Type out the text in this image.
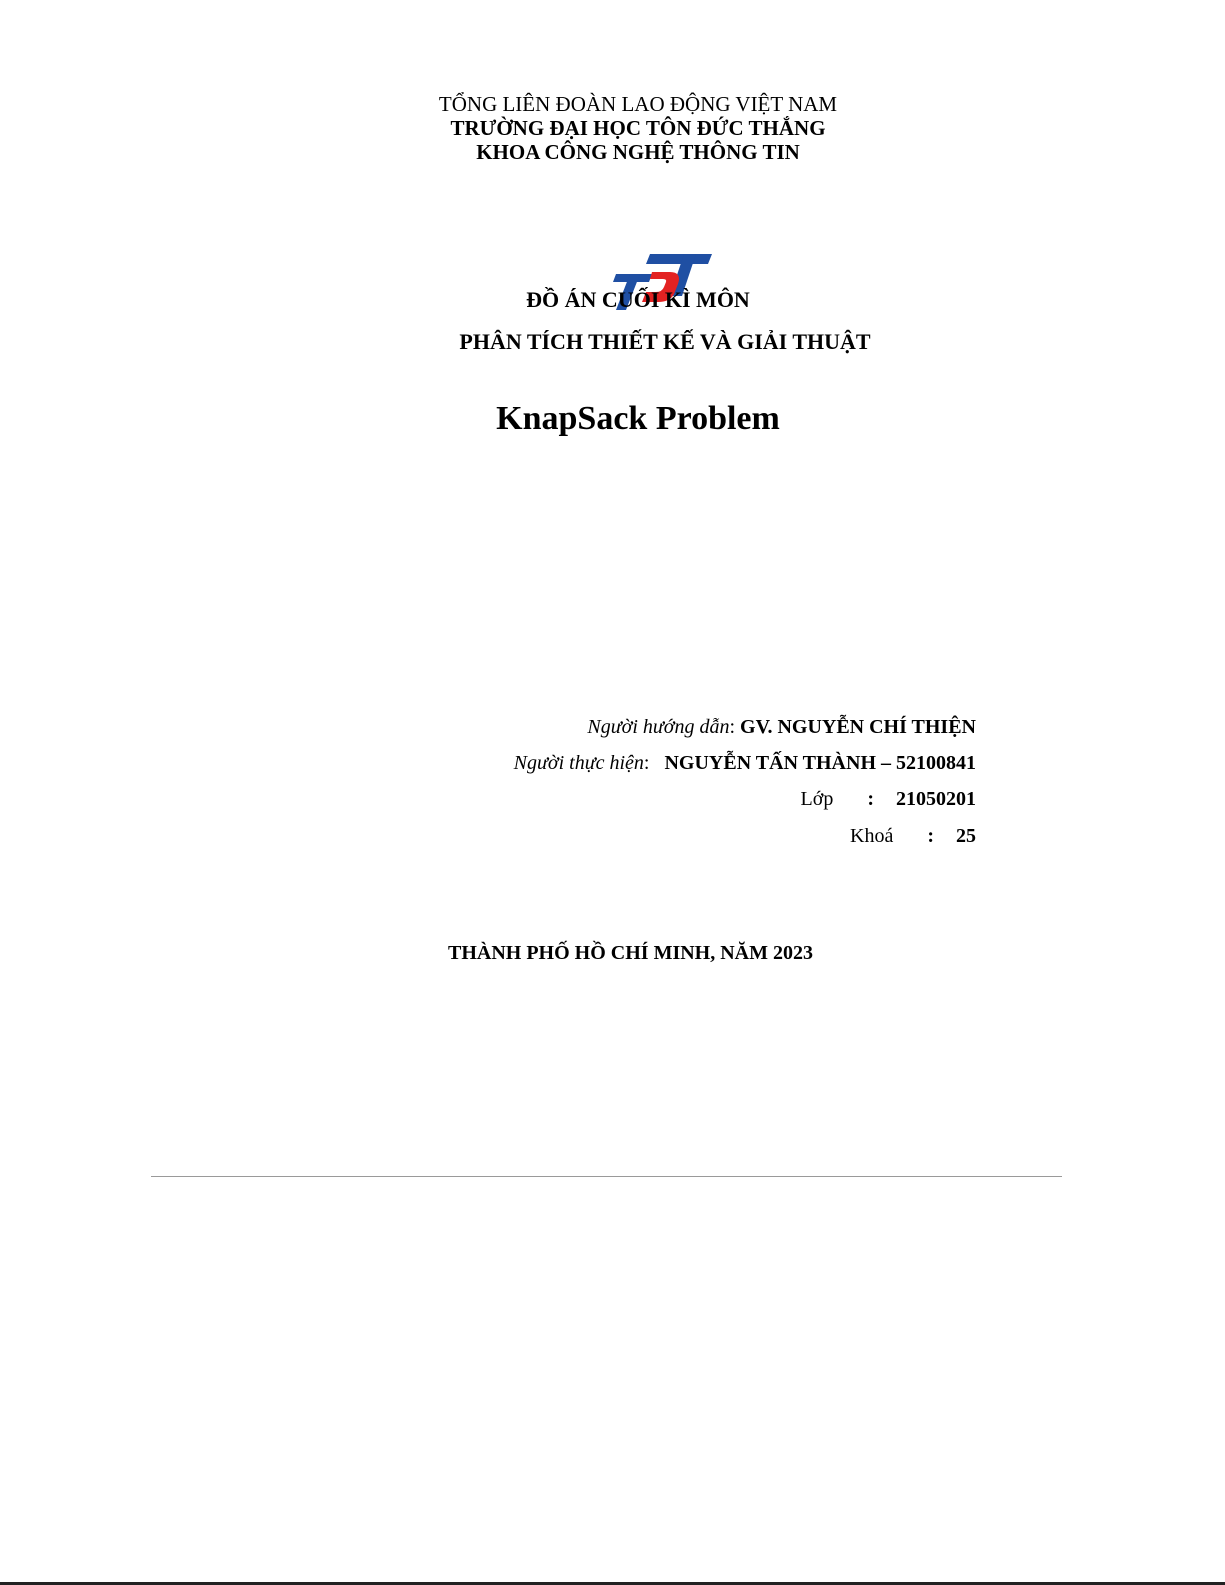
TỔNG LIÊN ĐOÀN LAO ĐỘNG VIỆT NAM
TRƯỜNG ĐẠI HỌC TÔN ĐỨC THẮNG
KHOA CÔNG NGHỆ THÔNG TIN
ĐỒ ÁN CUỐI KÌ MÔN
PHÂN TÍCH THIẾT KẾ VÀ GIẢI THUẬT
KnapSack Problem
Người hướng dẫn: GV. NGUYỄN CHÍ THIỆN
Người thực hiện:   NGUYỄN TẤN THÀNH – 52100841
Lớp : 21050201
Khoá : 25
THÀNH PHỐ HỒ CHÍ MINH, NĂM 2023
